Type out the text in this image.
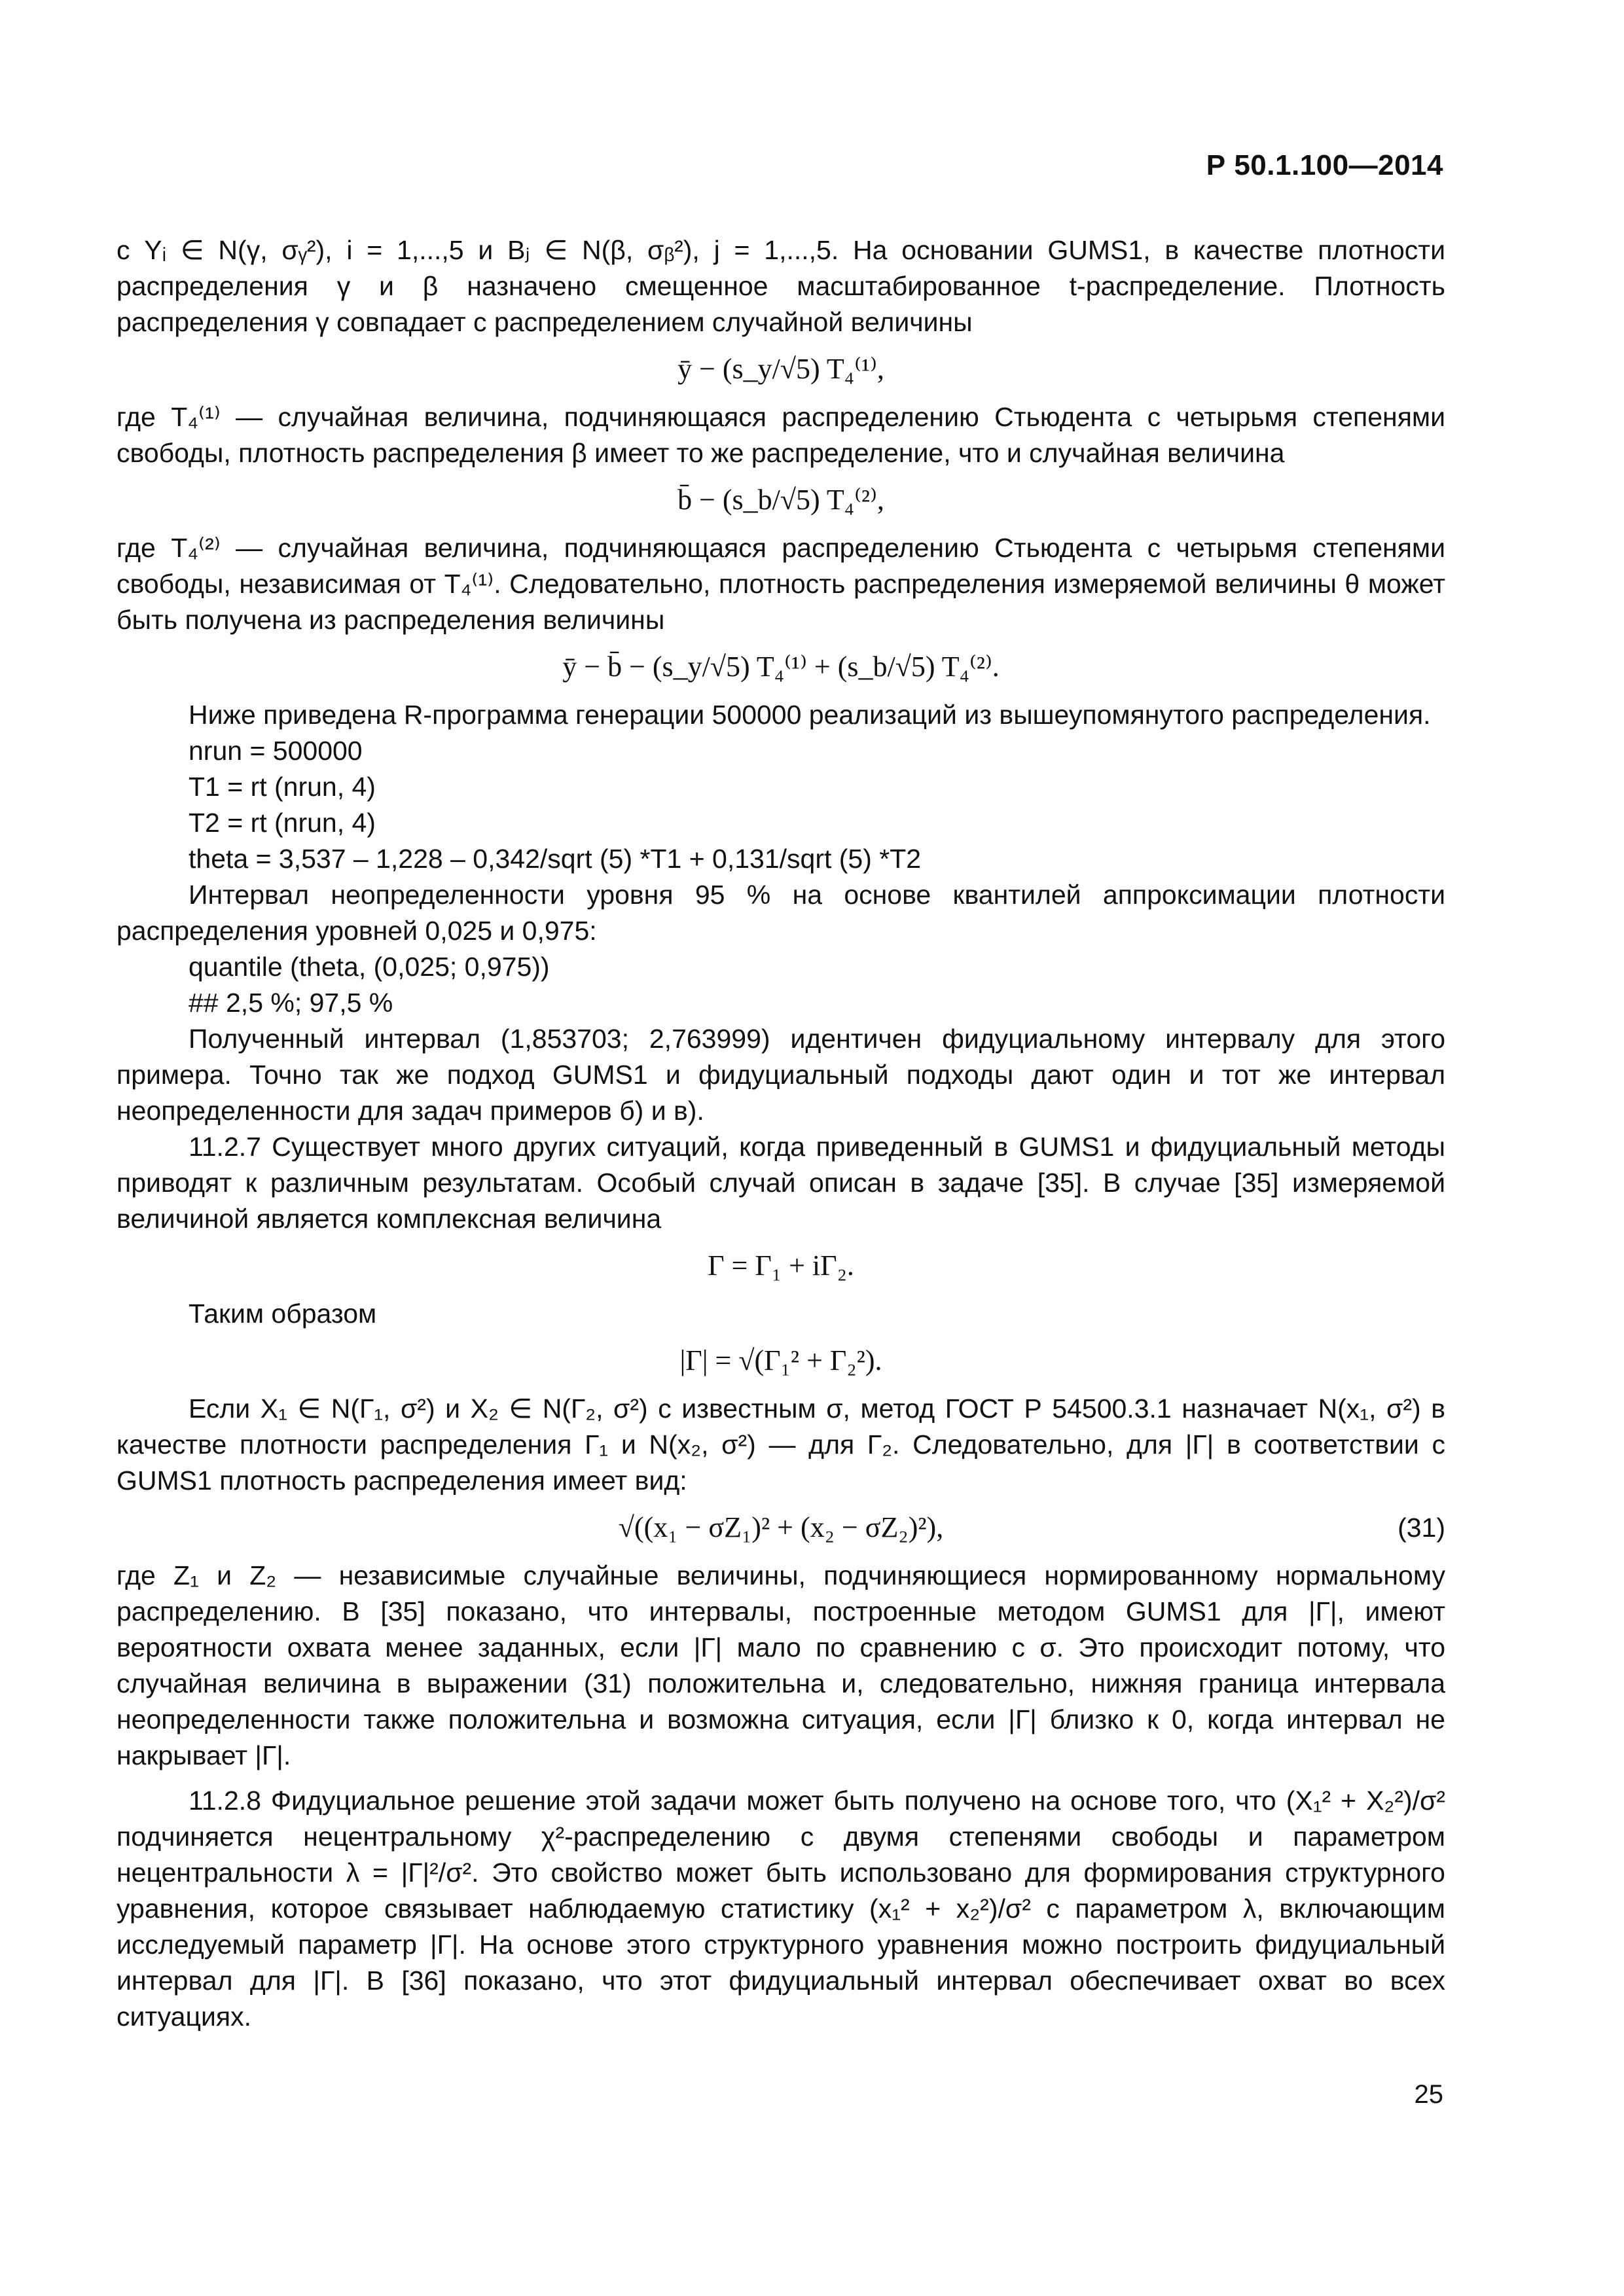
Р 50.1.100—2014

с Yᵢ ∈ N(γ, σᵧ²), i = 1,...,5 и Bⱼ ∈ N(β, σᵦ²), j = 1,...,5. На основании GUMS1, в качестве плотности распределения γ и β назначено смещенное масштабированное t-распределение. Плотность распределения γ совпадает с распределением случайной величины

ȳ − (s_y/√5) T₄⁽¹⁾,

где T₄⁽¹⁾ — случайная величина, подчиняющаяся распределению Стьюдента с четырьмя степенями свободы, плотность распределения β имеет то же распределение, что и случайная величина

b̄ − (s_b/√5) T₄⁽²⁾,

где T₄⁽²⁾ — случайная величина, подчиняющаяся распределению Стьюдента с четырьмя степенями свободы, независимая от T₄⁽¹⁾. Следовательно, плотность распределения измеряемой величины θ может быть получена из распределения величины

ȳ − b̄ − (s_y/√5) T₄⁽¹⁾ + (s_b/√5) T₄⁽²⁾.

Ниже приведена R-программа генерации 500000 реализаций из вышеупомянутого распределения.

nrun = 500000

T1 = rt (nrun, 4)

T2 = rt (nrun, 4)

theta = 3,537 – 1,228 – 0,342/sqrt (5) *T1 + 0,131/sqrt (5) *T2

Интервал неопределенности уровня 95 % на основе квантилей аппроксимации плотности распределения уровней 0,025 и 0,975:

quantile (theta, (0,025; 0,975))

## 2,5 %; 97,5 %

Полученный интервал (1,853703; 2,763999) идентичен фидуциальному интервалу для этого примера. Точно так же подход GUMS1 и фидуциальный подходы дают один и тот же интервал неопределенности для задач примеров б) и в).

11.2.7 Существует много других ситуаций, когда приведенный в GUMS1 и фидуциальный методы приводят к различным результатам. Особый случай описан в задаче [35]. В случае [35] измеряемой величиной является комплексная величина

Г = Г₁ + iГ₂.

Таким образом

|Г| = √(Г₁² + Г₂²).

Если X₁ ∈ N(Г₁, σ²) и X₂ ∈ N(Г₂, σ²) с известным σ, метод ГОСТ Р 54500.3.1 назначает N(x₁, σ²) в качестве плотности распределения Г₁ и N(x₂, σ²) — для Г₂. Следовательно, для |Г| в соответствии с GUMS1 плотность распределения имеет вид:

√((x₁ − σZ₁)² + (x₂ − σZ₂)²),	(31)

где Z₁ и Z₂ — независимые случайные величины, подчиняющиеся нормированному нормальному распределению. В [35] показано, что интервалы, построенные методом GUMS1 для |Г|, имеют вероятности охвата менее заданных, если |Г| мало по сравнению с σ. Это происходит потому, что случайная величина в выражении (31) положительна и, следовательно, нижняя граница интервала неопределенности также положительна и возможна ситуация, если |Г| близко к 0, когда интервал не накрывает |Г|.

11.2.8 Фидуциальное решение этой задачи может быть получено на основе того, что (X₁² + X₂²)/σ² подчиняется нецентральному χ²-распределению с двумя степенями свободы и параметром нецентральности λ = |Г|²/σ². Это свойство может быть использовано для формирования структурного уравнения, которое связывает наблюдаемую статистику (x₁² + x₂²)/σ² с параметром λ, включающим исследуемый параметр |Г|. На основе этого структурного уравнения можно построить фидуциальный интервал для |Г|. В [36] показано, что этот фидуциальный интервал обеспечивает охват во всех ситуациях.

25
